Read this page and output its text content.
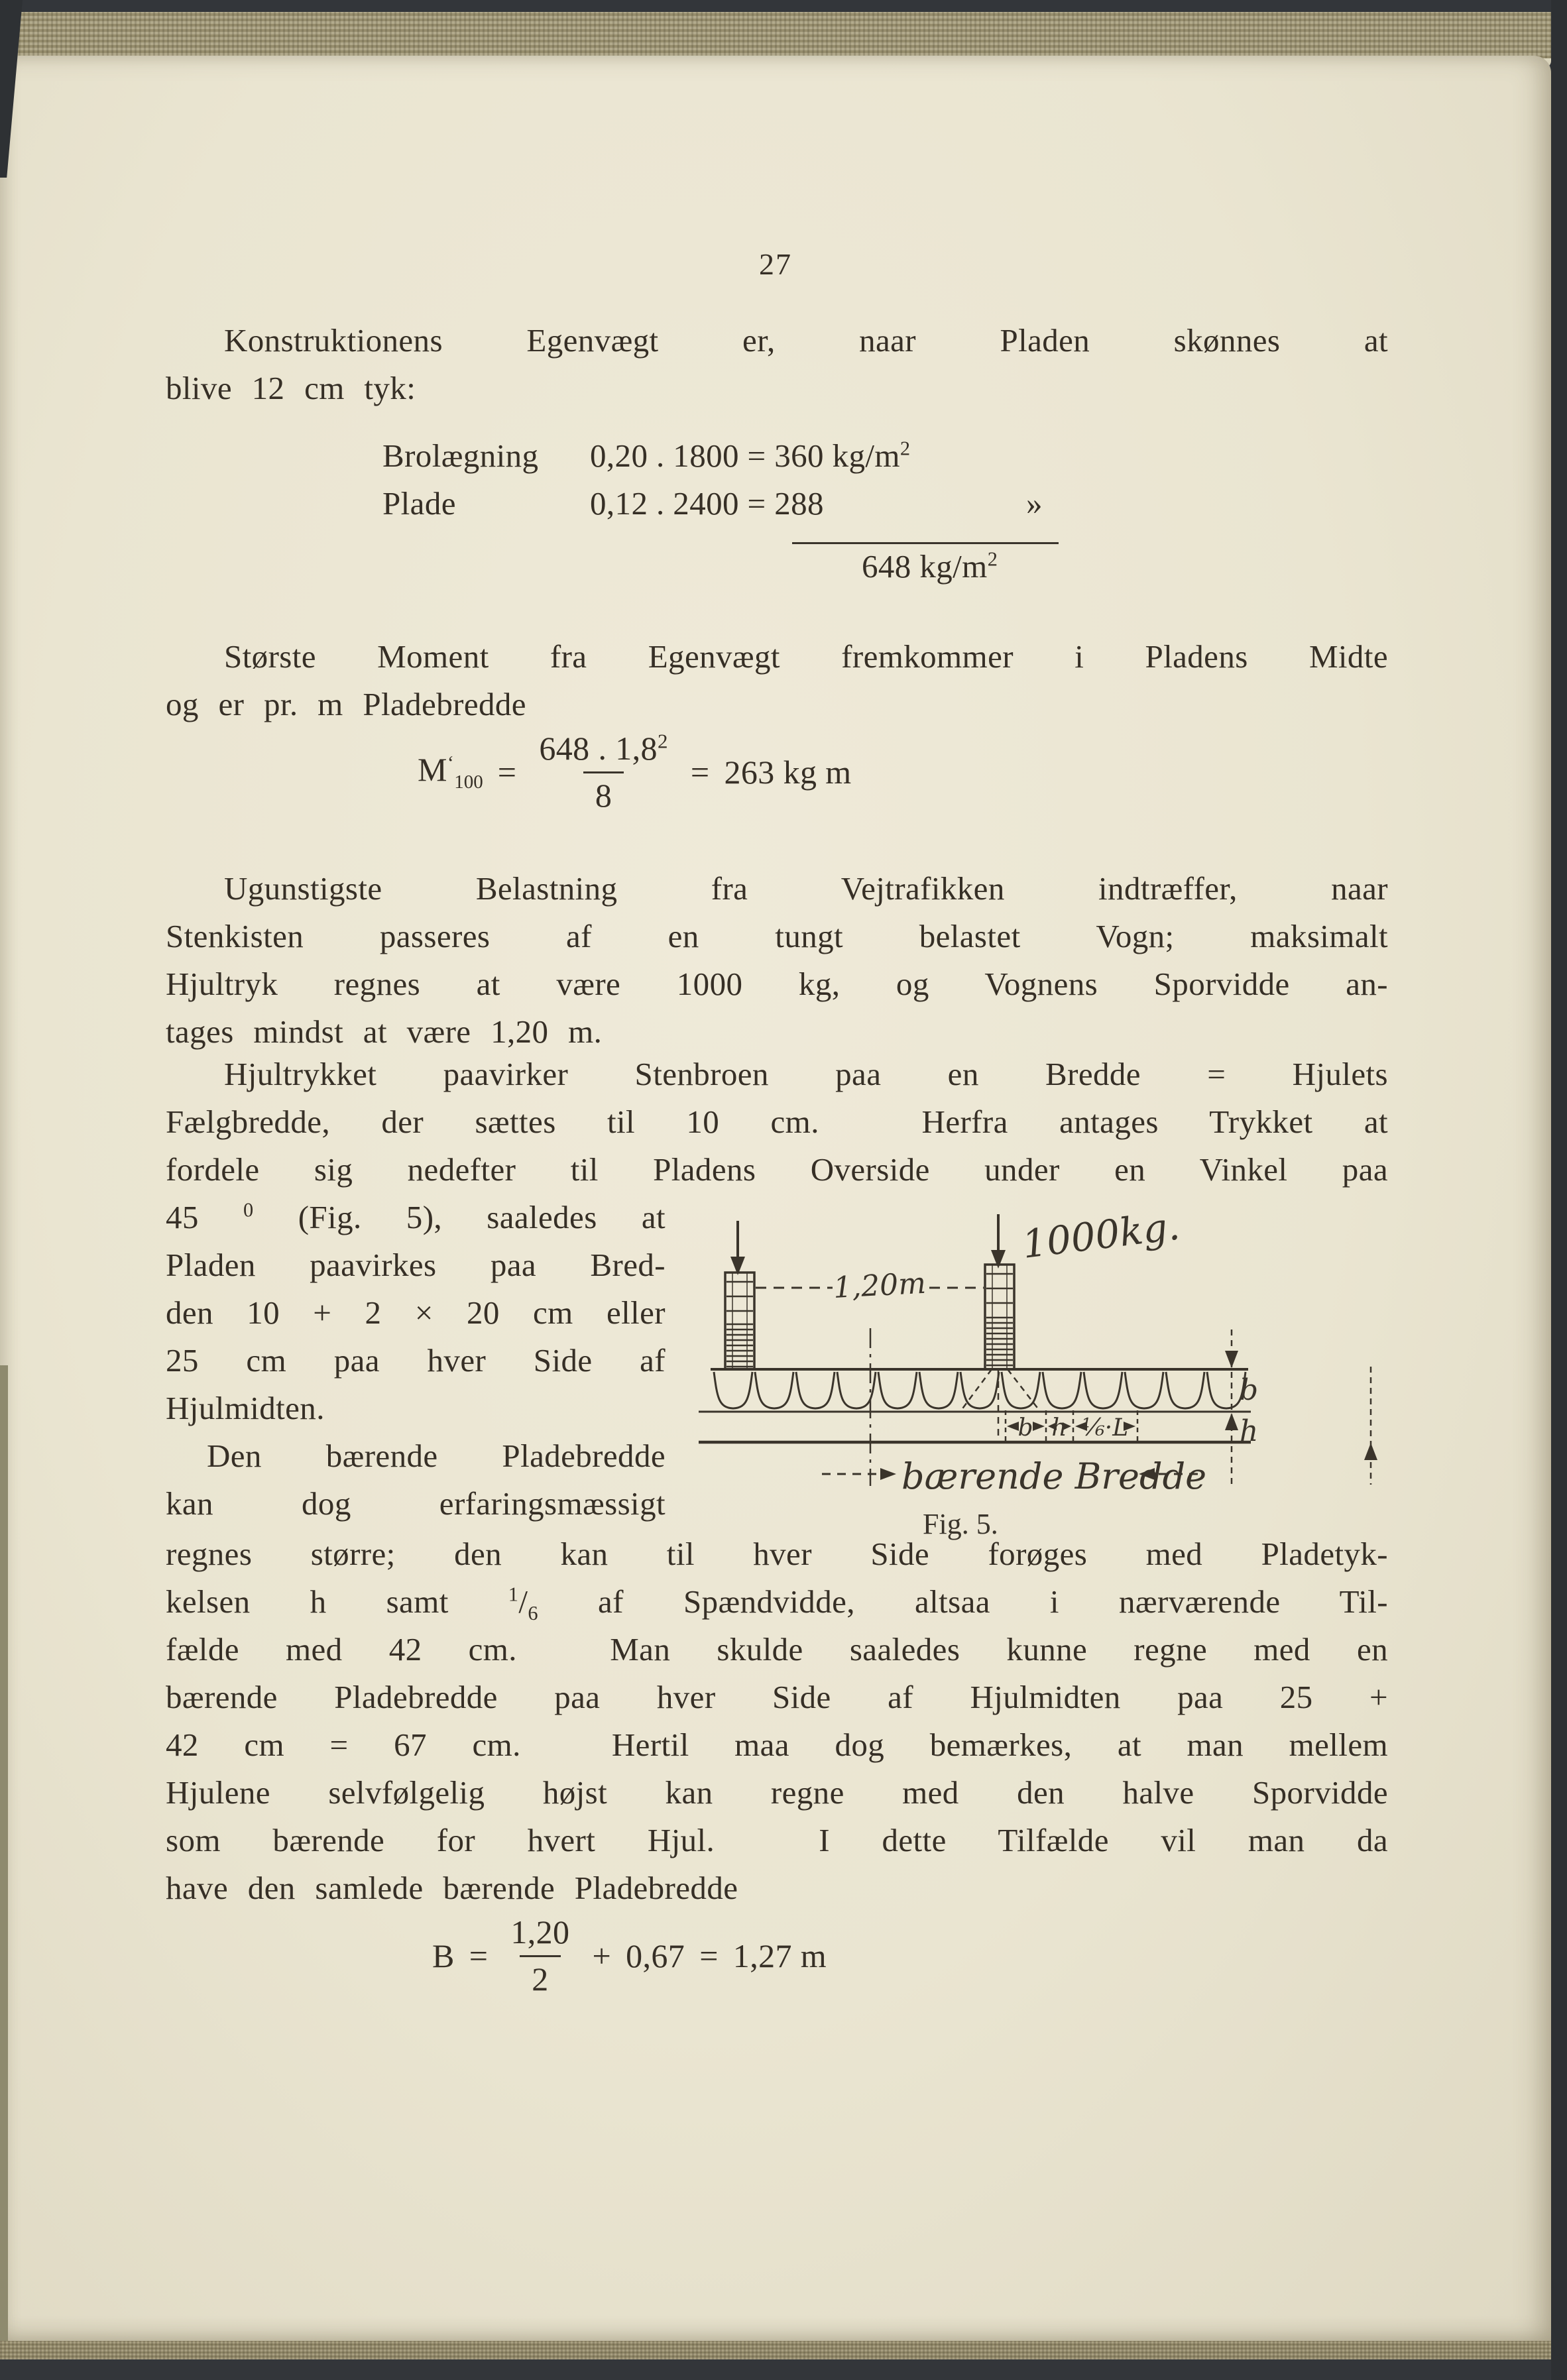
27
Konstruktionens Egenvægt er, naar Pladen skønnes at
blive 12 cm tyk:
Brolægning 0,20 . 1800 = 360 $kg/m^2$
Plade	0,12 . 2400 = 288	»
648 $kg/m^2$
Største Moment fra Egenvægt fremkommer i Pladens Midte
og er pr. m Pladebredde
$M^‘_{100} = \frac{648 . 1,8^2}{8} = 263$ kg m
Ugunstigste Belastning fra Vejtrafikken indtræffer, naar
Stenkisten passeres af en tungt belastet Vogn; maksimalt
Hjultryk regnes at være 1000 kg, og Vognens Sporvidde an-
tages mindst at være 1,20 m.
Hjultrykket paavirker Stenbroen paa en Bredde = Hjulets
Fælgbredde, der sættes til 10 cm.  Herfra antages Trykket at
fordele sig nedefter til Pladens Overside under en Vinkel paa
45 $^0$ (Fig. 5), saaledes at
Pladen paavirkes paa Bred-
den 10 + 2 × 20 cm eller
25 cm paa hver Side af
Hjulmidten.
Den bærende Pladebredde
kan dog erfaringsmæssigt
regnes større; den kan til hver Side forøges med Pladetyk-
kelsen h samt $^1/_6$ af Spændvidde, altsaa i nærværende Til-
fælde med 42 cm.  Man skulde saaledes kunne regne med en
bærende Pladebredde paa hver Side af Hjulmidten paa 25 +
42 cm = 67 cm.  Hertil maa dog bemærkes, at man mellem
Hjulene selvfølgelig højst kan regne med den halve Sporvidde
som bærende for hvert Hjul.  I dette Tilfælde vil man da
have den samlede bærende Pladebredde
$B = \frac{1,20}{2} + 0,67 = 1,27$ m
1,20m
1000kg.
b
h
b h ⅙·L
bærende Bredde
Fig. 5.
